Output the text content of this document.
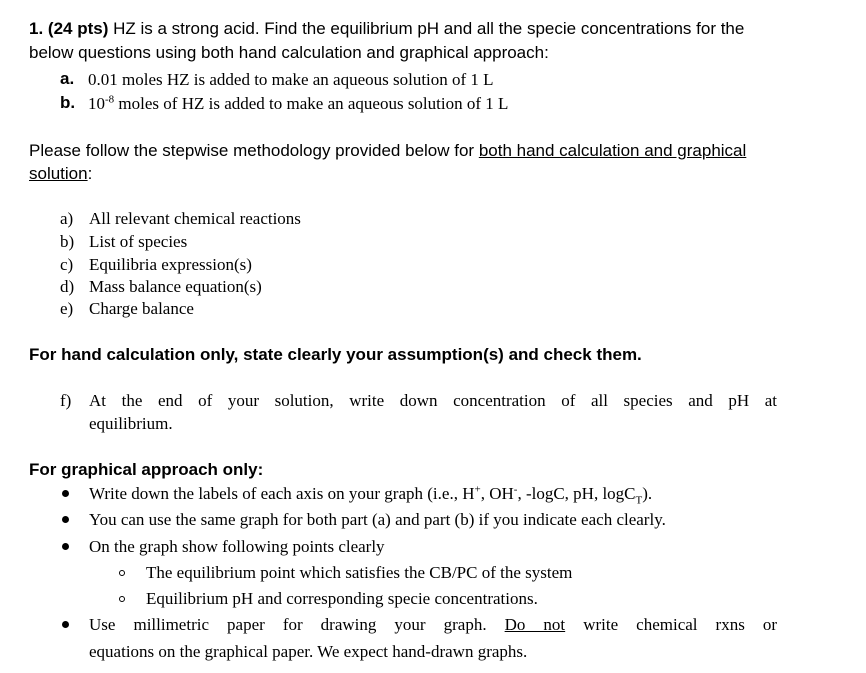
1. (24 pts) HZ is a strong acid. Find the equilibrium pH and all the specie concentrations for the
below questions using both hand calculation and graphical approach:
a. 0.01 moles HZ is added to make an aqueous solution of 1 L
b. $10^{-8}$ moles of HZ is added to make an aqueous solution of 1 L
Please follow the stepwise methodology provided below for both hand calculation and graphical
solution:
a) All relevant chemical reactions
b) List of species
c) Equilibria expression(s)
d) Mass balance equation(s)
e) Charge balance
For hand calculation only, state clearly your assumption(s) and check them.
f) At the end of your solution, write down concentration of all species and pH at
equilibrium.
For graphical approach only:
Write down the labels of each axis on your graph (i.e., H+, OH-, -logC, pH, logC$_T$).
You can use the same graph for both part (a) and part (b) if you indicate each clearly.
On the graph show following points clearly
The equilibrium point which satisfies the CB/PC of the system
Equilibrium pH and corresponding specie concentrations.
Use millimetric paper for drawing your graph. Do not write chemical rxns or
equations on the graphical paper. We expect hand-drawn graphs.
